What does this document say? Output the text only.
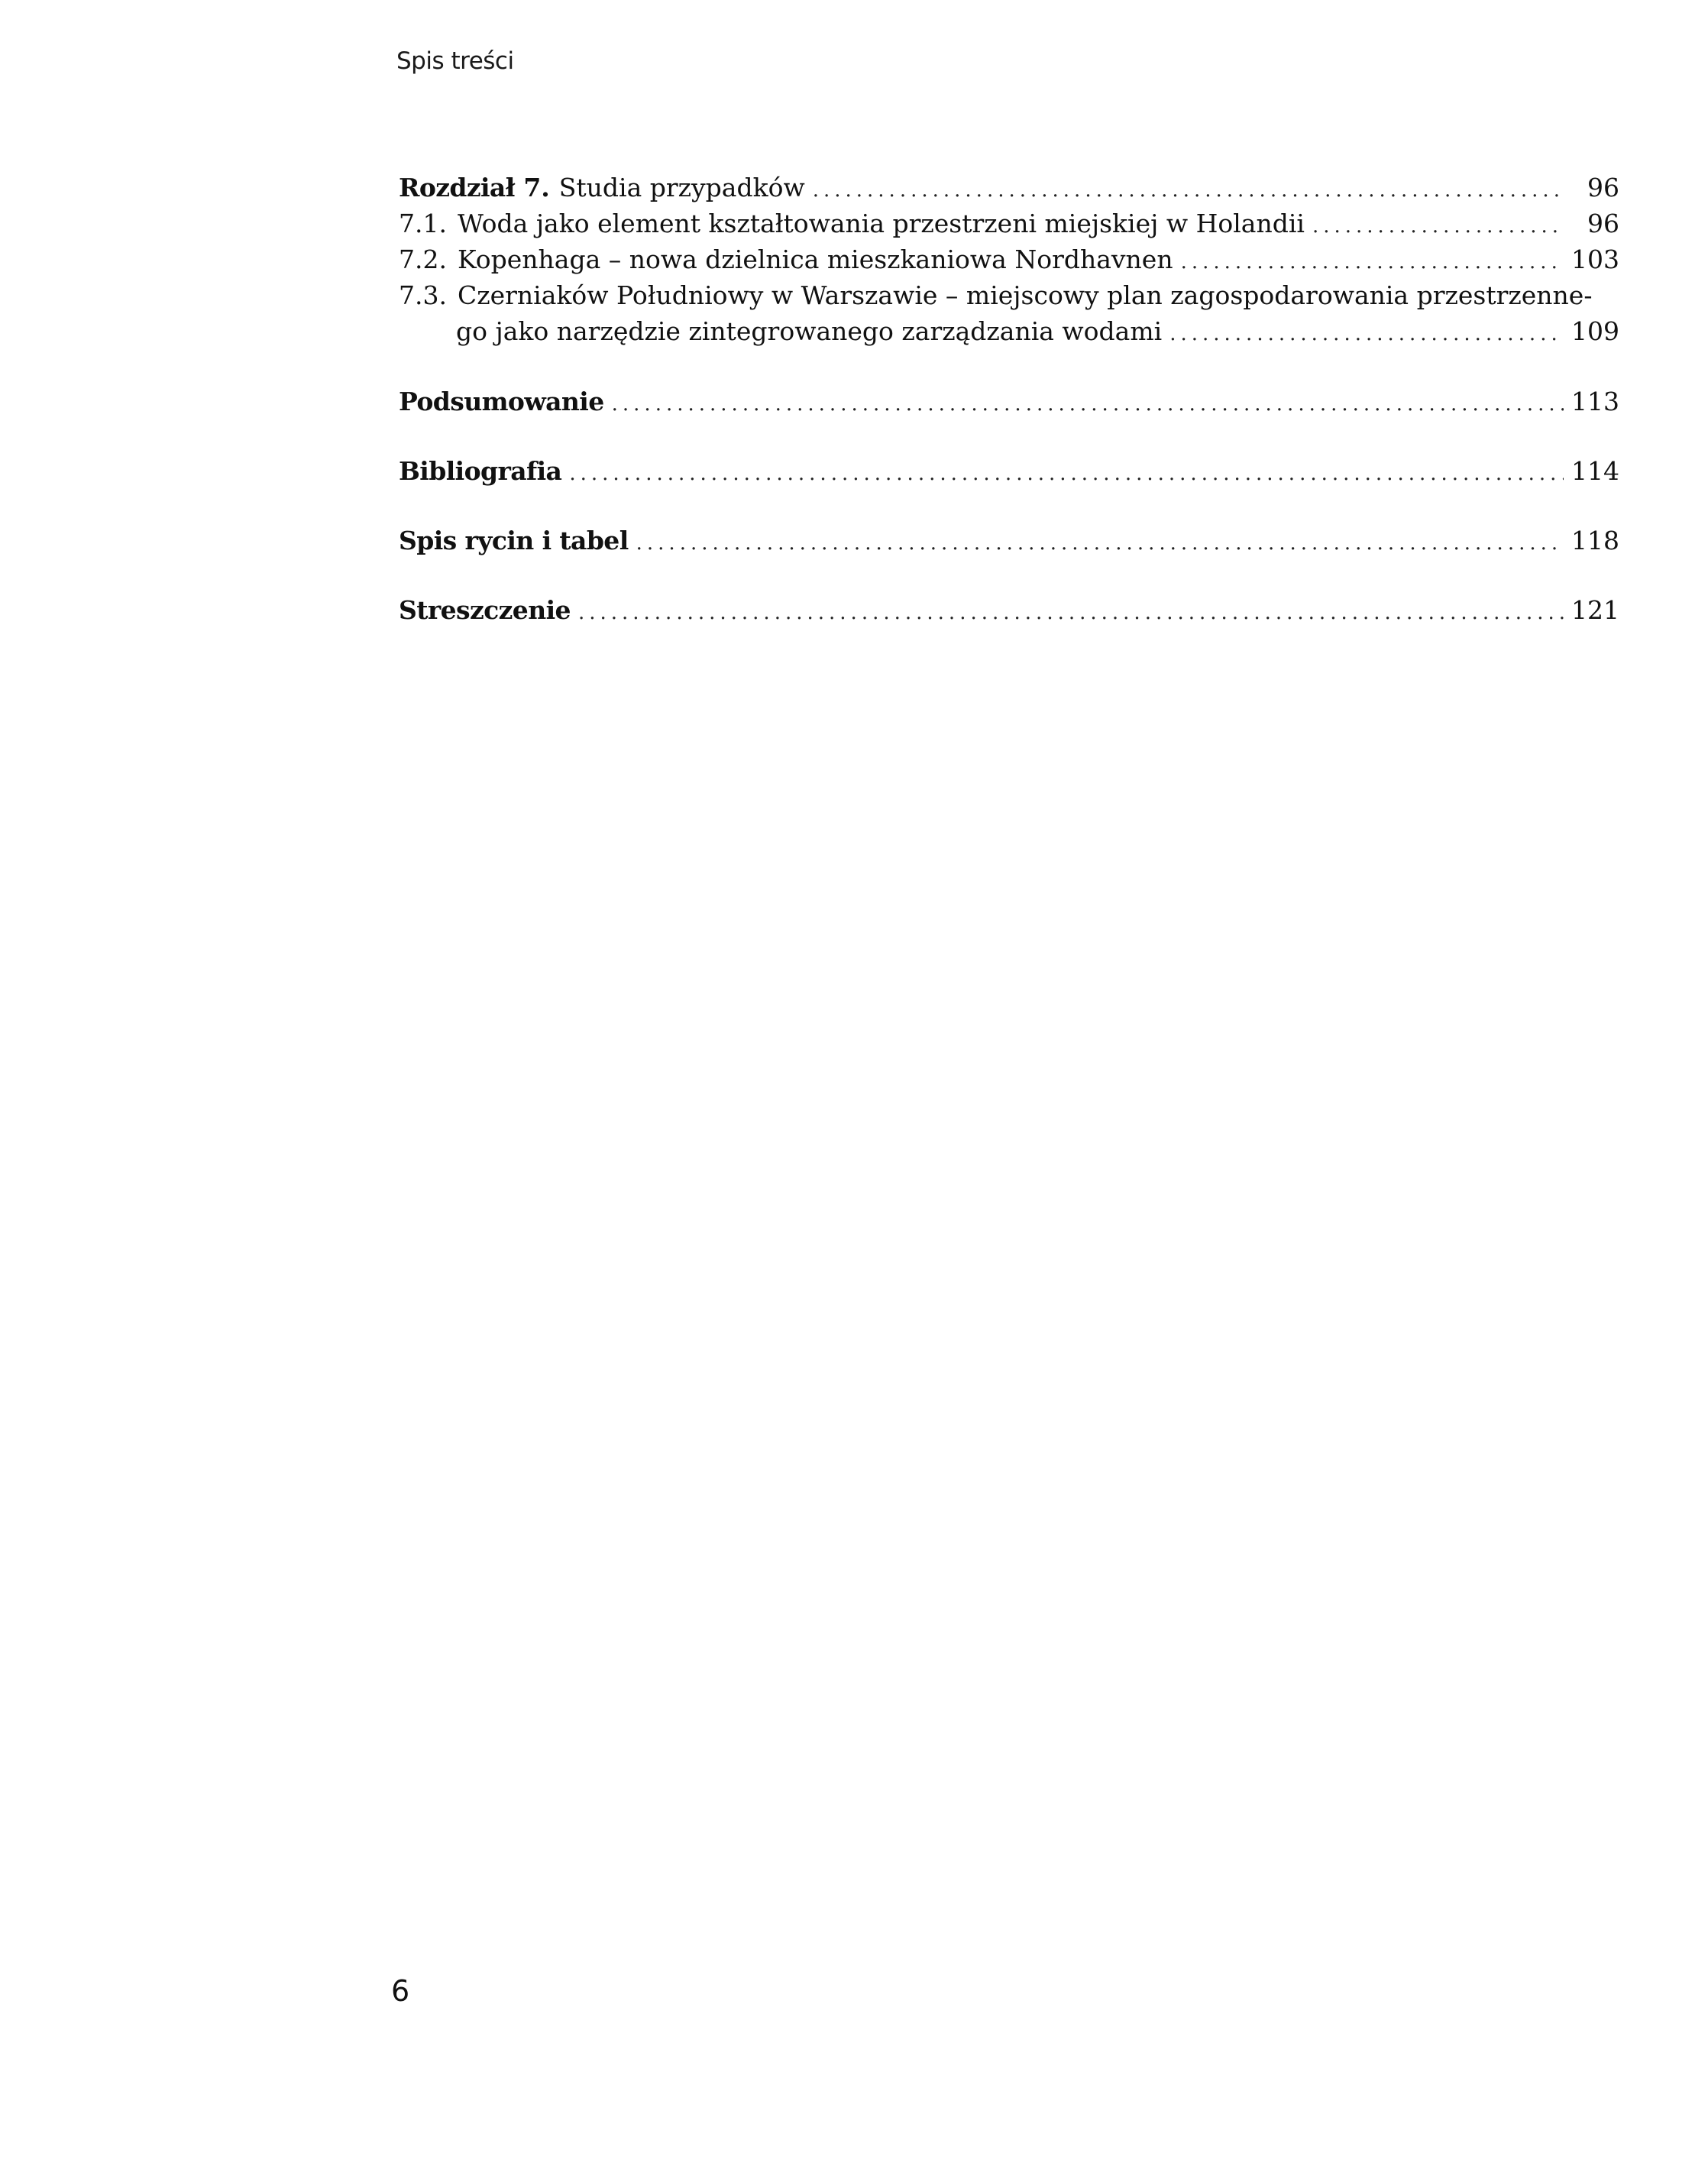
Spis treści
Rozdział 7. Studia przypadków .....	96
7.1. Woda jako element kształtowania przestrzeni miejskiej w Holandii .....	96
7.2. Kopenhaga – nowa dzielnica mieszkaniowa Nordhavnen .....	103
7.3. Czerniaków Południowy w Warszawie – miejscowy plan zagospodarowania przestrzenne-
go jako narzędzie zintegrowanego zarządzania wodami .....	109
Podsumowanie .....	113
Bibliografia .....	114
Spis rycin i tabel .....	118
Streszczenie .....	121
6
